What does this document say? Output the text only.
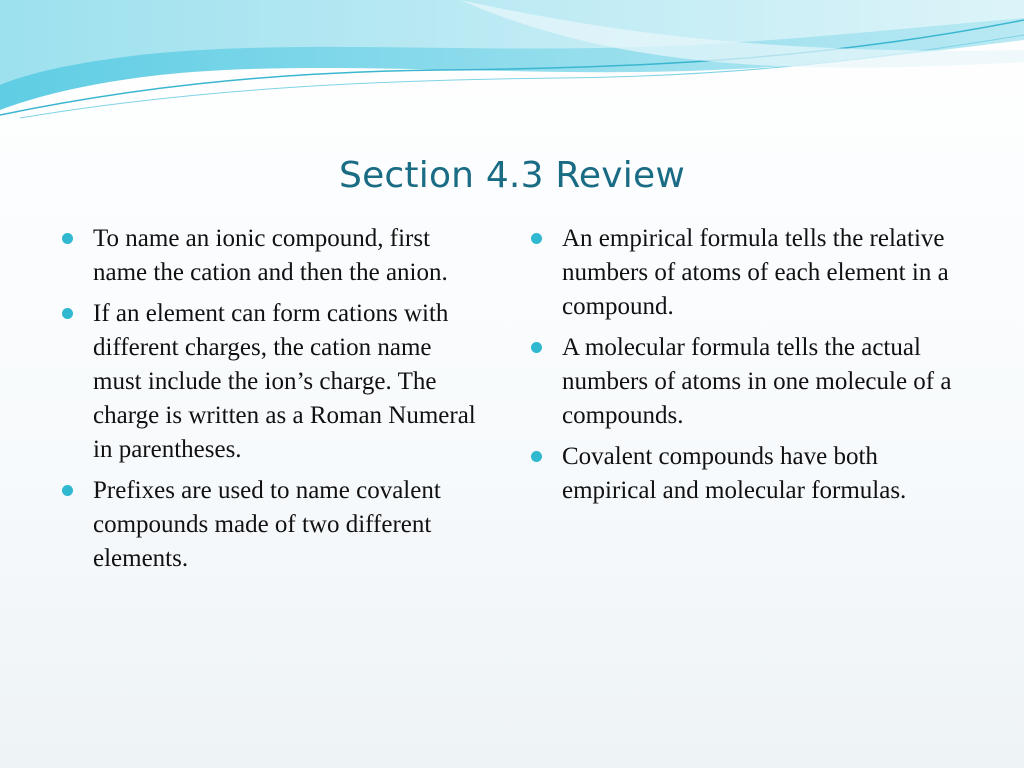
Section 4.3 Review
To name an ionic compound, first name the cation and then the anion.
If an element can form cations with different charges, the cation name must include the ion’s charge. The charge is written as a Roman Numeral in parentheses.
Prefixes are used to name covalent compounds made of two different elements.
An empirical formula tells the relative numbers of atoms of each element in a compound.
A molecular formula tells the actual numbers of atoms in one molecule of a compounds.
Covalent compounds have both empirical and molecular formulas.
